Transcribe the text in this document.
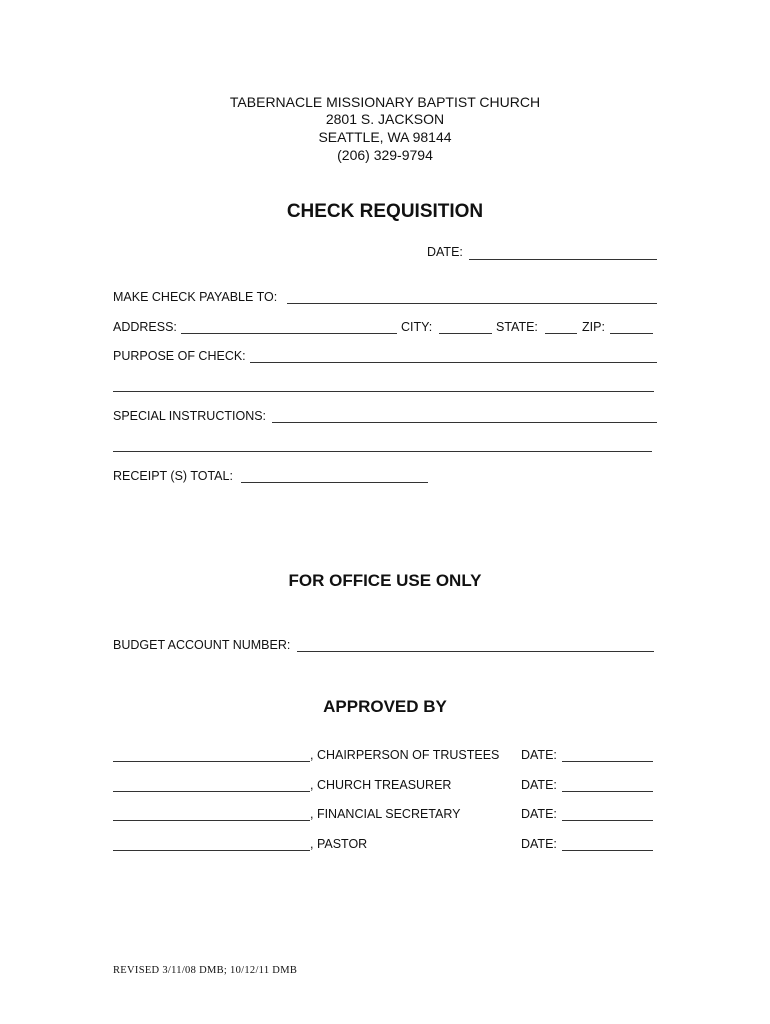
TABERNACLE MISSIONARY BAPTIST CHURCH
2801 S. JACKSON
SEATTLE, WA 98144
(206) 329-9794
CHECK REQUISITION
DATE:
MAKE CHECK PAYABLE TO:
ADDRESS:	CITY:	STATE:	ZIP:
PURPOSE OF CHECK:
SPECIAL INSTRUCTIONS:
RECEIPT (S) TOTAL:
FOR OFFICE USE ONLY
BUDGET ACCOUNT NUMBER:
APPROVED BY
, CHAIRPERSON OF TRUSTEES DATE:
, CHURCH TREASURER	DATE:
, FINANCIAL SECRETARY	DATE:
, PASTOR	DATE:
REVISED 3/11/08 DMB; 10/12/11 DMB
